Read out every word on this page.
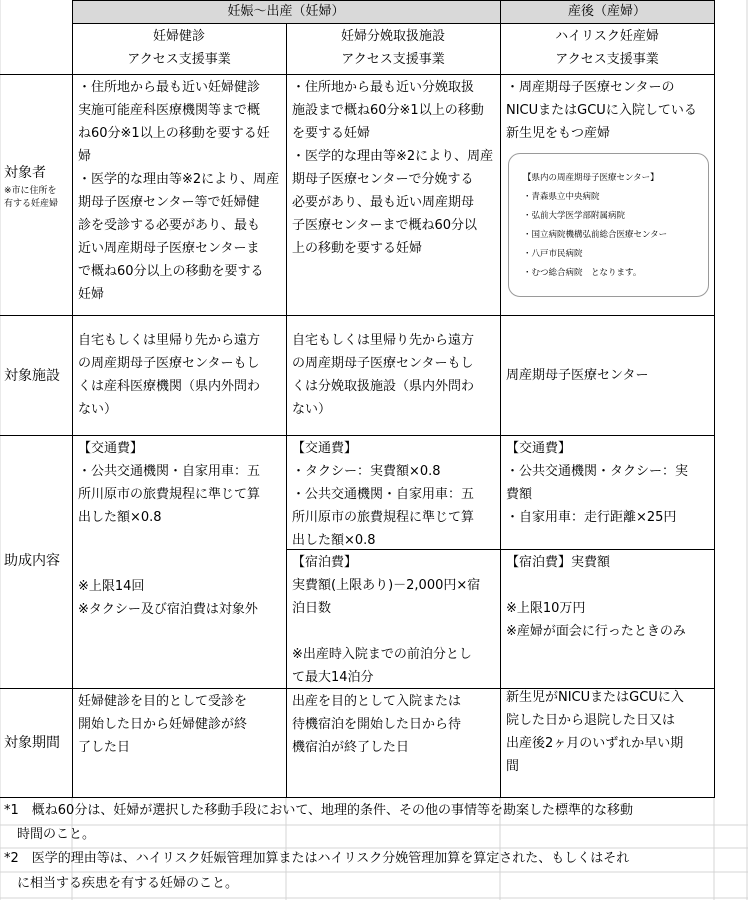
妊娠～出産（妊婦）	産後（産婦）
妊婦健診
アクセス支援事業
妊婦分娩取扱施設
アクセス支援事業
ハイリスク妊産婦
アクセス支援事業
対象者
※市に住所を
有する妊産婦
・住所地から最も近い妊婦健診
実施可能産科医療機関等まで概
ね60分※1以上の移動を要する妊
婦
・医学的な理由等※2により、周産
期母子医療センター等で妊婦健
診を受診する必要があり、最も
近い周産期母子医療センターま
で概ね60分以上の移動を要する
妊婦
・住所地から最も近い分娩取扱
施設まで概ね60分※1以上の移動
を要する妊婦
・医学的な理由等※2により、周産
期母子医療センターで分娩する
必要があり、最も近い周産期母
子医療センターまで概ね60分以
上の移動を要する妊婦
・周産期母子医療センターの
NICUまたはGCUに入院している
新生児をもつ産婦
【県内の周産期母子医療センター】
・青森県立中央病院
・弘前大学医学部附属病院
・国立病院機構弘前総合医療センター
・八戸市民病院
・むつ総合病院　となります。
対象施設
自宅もしくは里帰り先から遠方
の周産期母子医療センターもし
くは産科医療機関（県内外問わ
ない）
自宅もしくは里帰り先から遠方
の周産期母子医療センターもし
くは分娩取扱施設（県内外問わ
ない）
周産期母子医療センター
助成内容
【交通費】
・公共交通機関・自家用車：五
所川原市の旅費規程に準じて算
出した額×0.8

※上限14回
※タクシー及び宿泊費は対象外
【交通費】
・タクシー：実費額×0.8
・公共交通機関・自家用車：五
所川原市の旅費規程に準じて算
出した額×0.8
【宿泊費】
実費額(上限あり)－2,000円×宿
泊日数

※出産時入院までの前泊分とし
て最大14泊分
【交通費】
・公共交通機関・タクシー：実
費額
・自家用車：走行距離×25円
【宿泊費】実費額

※上限10万円
※産婦が面会に行ったときのみ
対象期間
妊婦健診を目的として受診を
開始した日から妊婦健診が終
了した日
出産を目的として入院または
待機宿泊を開始した日から待
機宿泊が終了した日
新生児がNICUまたはGCUに入
院した日から退院した日又は
出産後2ヶ月のいずれか早い期
間
*1　概ね60分は、妊婦が選択した移動手段において、地理的条件、その他の事情等を勘案した標準的な移動
時間のこと。
*2　医学的理由等は、ハイリスク妊娠管理加算またはハイリスク分娩管理加算を算定された、もしくはそれ
に相当する疾患を有する妊婦のこと。
